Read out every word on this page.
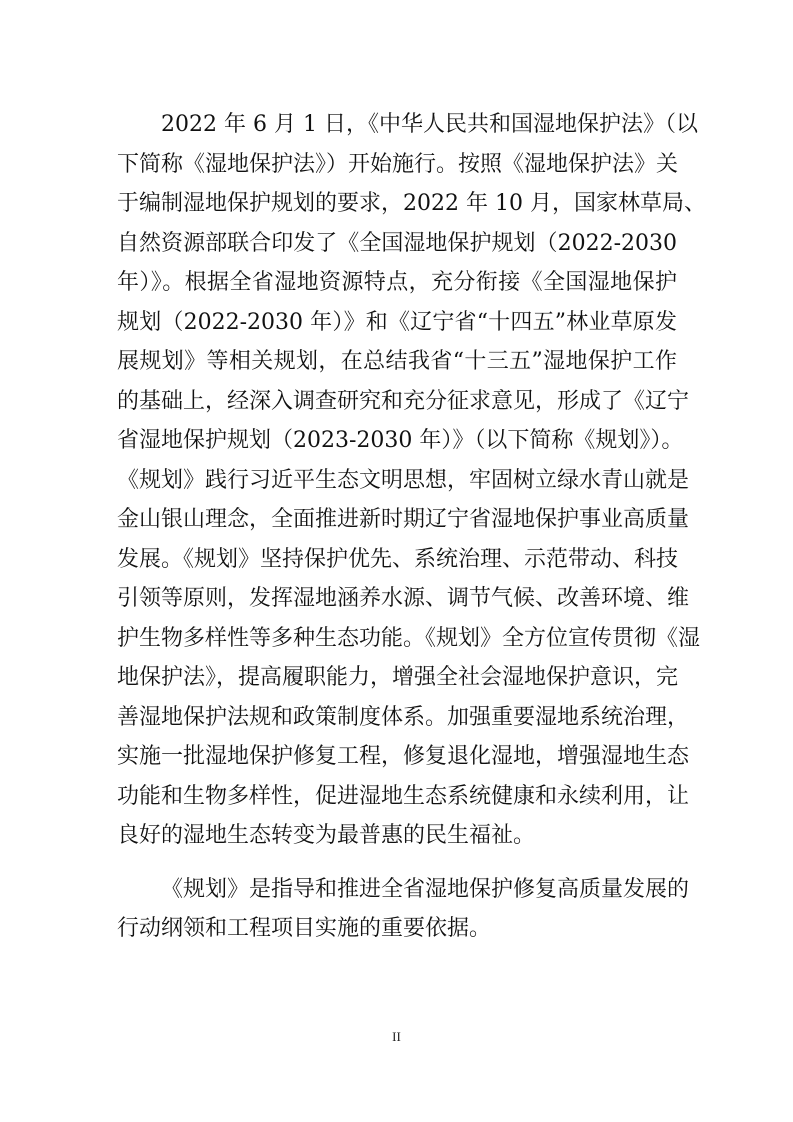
2022 年 6 月 1 日，《中华人民共和国湿地保护法》（以
下简称《湿地保护法》）开始施行。按照《湿地保护法》关
于编制湿地保护规划的要求，2022 年 10 月，国家林草局、
自然资源部联合印发了《全国湿地保护规划（2022-2030
年）》。根据全省湿地资源特点，充分衔接《全国湿地保护
规划（2022-2030 年）》和《辽宁省“十四五”林业草原发
展规划》等相关规划，在总结我省“十三五”湿地保护工作
的基础上，经深入调查研究和充分征求意见，形成了《辽宁
省湿地保护规划（2023-2030 年）》（以下简称《规划》）。
《规划》践行习近平生态文明思想，牢固树立绿水青山就是
金山银山理念，全面推进新时期辽宁省湿地保护事业高质量
发展。《规划》坚持保护优先、系统治理、示范带动、科技
引领等原则，发挥湿地涵养水源、调节气候、改善环境、维
护生物多样性等多种生态功能。《规划》全方位宣传贯彻《湿
地保护法》，提高履职能力，增强全社会湿地保护意识，完
善湿地保护法规和政策制度体系。加强重要湿地系统治理，
实施一批湿地保护修复工程，修复退化湿地，增强湿地生态
功能和生物多样性，促进湿地生态系统健康和永续利用，让
良好的湿地生态转变为最普惠的民生福祉。
《规划》是指导和推进全省湿地保护修复高质量发展的
行动纲领和工程项目实施的重要依据。
II
